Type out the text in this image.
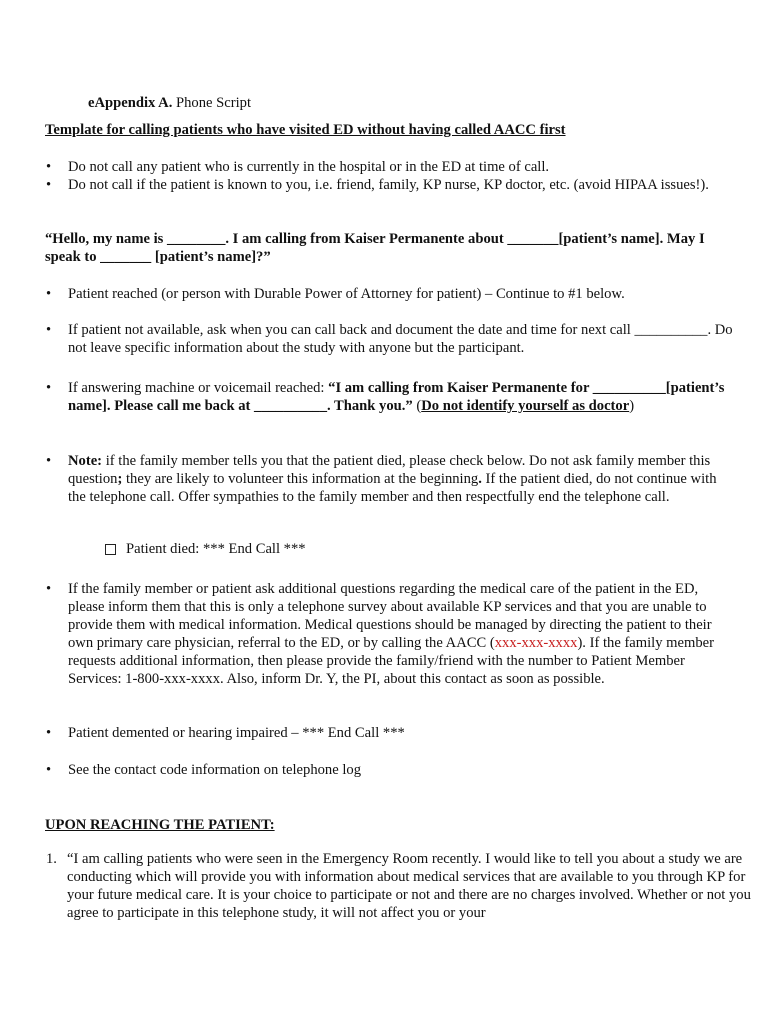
eAppendix A. Phone Script
Template for calling patients who have visited ED without having called AACC first
• Do not call any patient who is currently in the hospital or in the ED at time of call.
• Do not call if the patient is known to you, i.e. friend, family, KP nurse, KP doctor, etc. (avoid HIPAA issues!).
“Hello, my name is ________. I am calling from Kaiser Permanente about _______[patient’s name]. May I speak to _______ [patient’s name]?”
• Patient reached (or person with Durable Power of Attorney for patient) – Continue to #1 below.
• If patient not available, ask when you can call back and document the date and time for next call __________. Do not leave specific information about the study with anyone but the participant.
• If answering machine or voicemail reached: “I am calling from Kaiser Permanente for __________[patient’s name]. Please call me back at __________. Thank you.” (Do not identify yourself as doctor)
• Note: if the family member tells you that the patient died, please check below. Do not ask family member this question; they are likely to volunteer this information at the beginning. If the patient died, do not continue with the telephone call. Offer sympathies to the family member and then respectfully end the telephone call.
Patient died: *** End Call ***
• If the family member or patient ask additional questions regarding the medical care of the patient in the ED, please inform them that this is only a telephone survey about available KP services and that you are unable to provide them with medical information. Medical questions should be managed by directing the patient to their own primary care physician, referral to the ED, or by calling the AACC (xxx-xxx-xxxx). If the family member requests additional information, then please provide the family/friend with the number to Patient Member Services: 1-800-xxx-xxxx. Also, inform Dr. Y, the PI, about this contact as soon as possible.
• Patient demented or hearing impaired – *** End Call ***
• See the contact code information on telephone log
UPON REACHING THE PATIENT:
1. “I am calling patients who were seen in the Emergency Room recently. I would like to tell you about a study we are conducting which will provide you with information about medical services that are available to you through KP for your future medical care. It is your choice to participate or not and there are no charges involved. Whether or not you agree to participate in this telephone study, it will not affect you or your
